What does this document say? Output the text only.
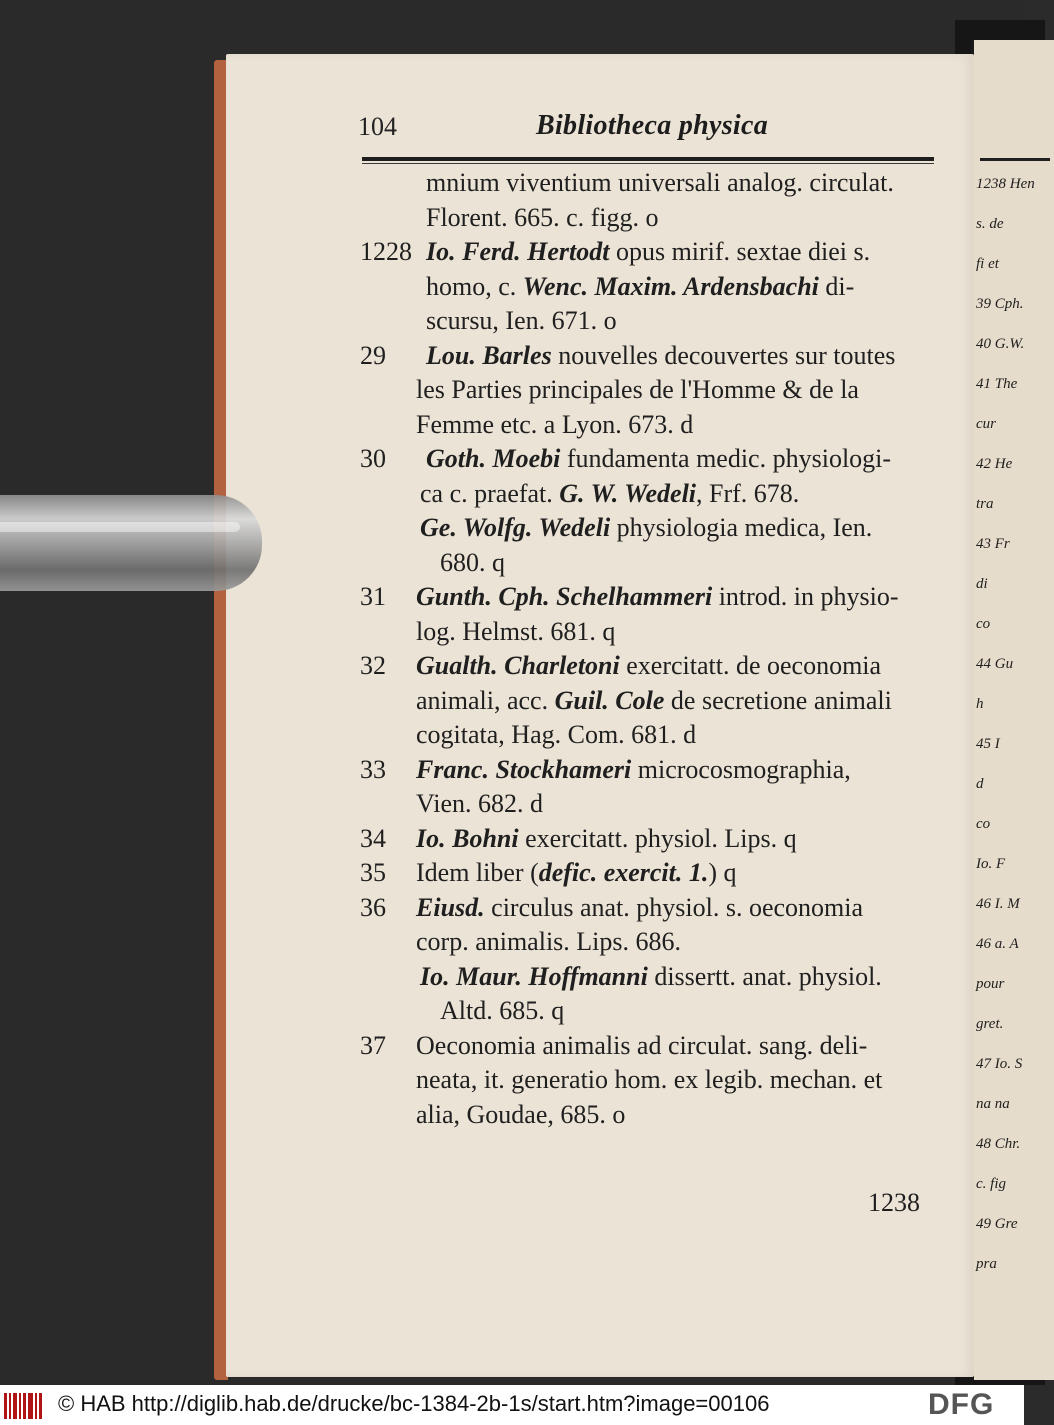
1238 Hen
s. de
fi et
39 Cph.
40 G.W.
41 The
cur
42 He
tra
43 Fr
di
co
44 Gu
h
45 I
d
co
Io. F
46 I. M
46 a. A
pour
gret.
47 Io. S
na na
48 Chr.
c. fig
49 Gre
pra
104	Bibliotheca physica
mnium viventium universali analog. circulat.
Florent. 665. c. figg. o
1228 Io. Ferd. Hertodt opus mirif. sextae diei s.
homo, c. Wenc. Maxim. Ardensbachi di-
scursu, Ien. 671. o
29 Lou. Barles nouvelles decouvertes sur toutes
les Parties principales de l'Homme & de la
Femme etc. a Lyon. 673. d
30 Goth. Moebi fundamenta medic. physiologi-
ca c. praefat. G. W. Wedeli, Frf. 678.
Ge. Wolfg. Wedeli physiologia medica, Ien.
680. q
31 Gunth. Cph. Schelhammeri introd. in physio-
log. Helmst. 681. q
32 Gualth. Charletoni exercitatt. de oeconomia
animali, acc. Guil. Cole de secretione animali
cogitata, Hag. Com. 681. d
33 Franc. Stockhameri microcosmographia,
Vien. 682. d
34 Io. Bohni exercitatt. physiol. Lips. q
35 Idem liber (defic. exercit. 1.) q
36 Eiusd. circulus anat. physiol. s. oeconomia
corp. animalis. Lips. 686.
Io. Maur. Hoffmanni dissertt. anat. physiol.
Altd. 685. q
37 Oeconomia animalis ad circulat. sang. deli-
neata, it. generatio hom. ex legib. mechan. et
alia, Goudae, 685. o
1238
© HAB http://diglib.hab.de/drucke/bc-1384-2b-1s/start.htm?image=00106	DFG
